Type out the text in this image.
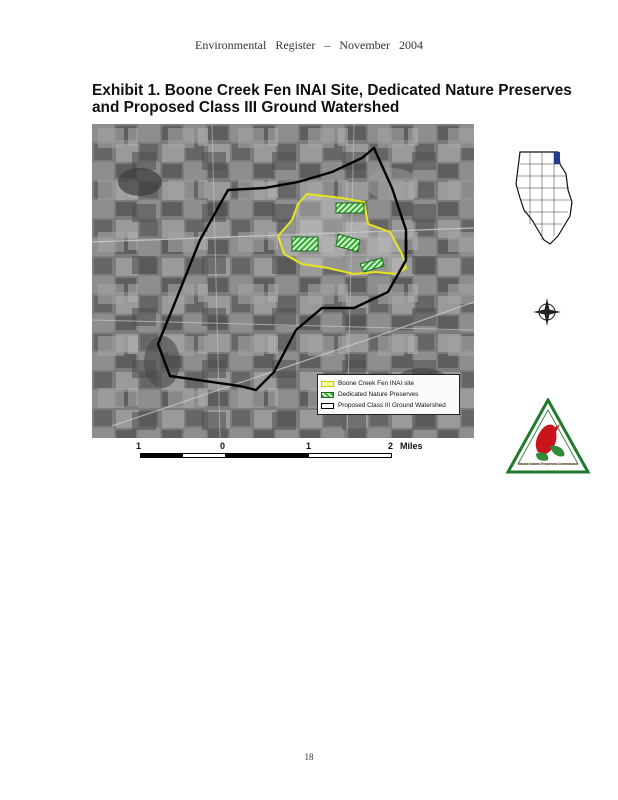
Environmental Register – November 2004
Exhibit 1. Boone Creek Fen INAI Site, Dedicated Nature Preserves
and Proposed Class III Ground Watershed
Boone Creek Fen INAI site
Dedicated Nature Preserves
Proposed Class III Ground Watershed
1	0	1	2 Miles
Illinois Nature Preserves Commission
18
